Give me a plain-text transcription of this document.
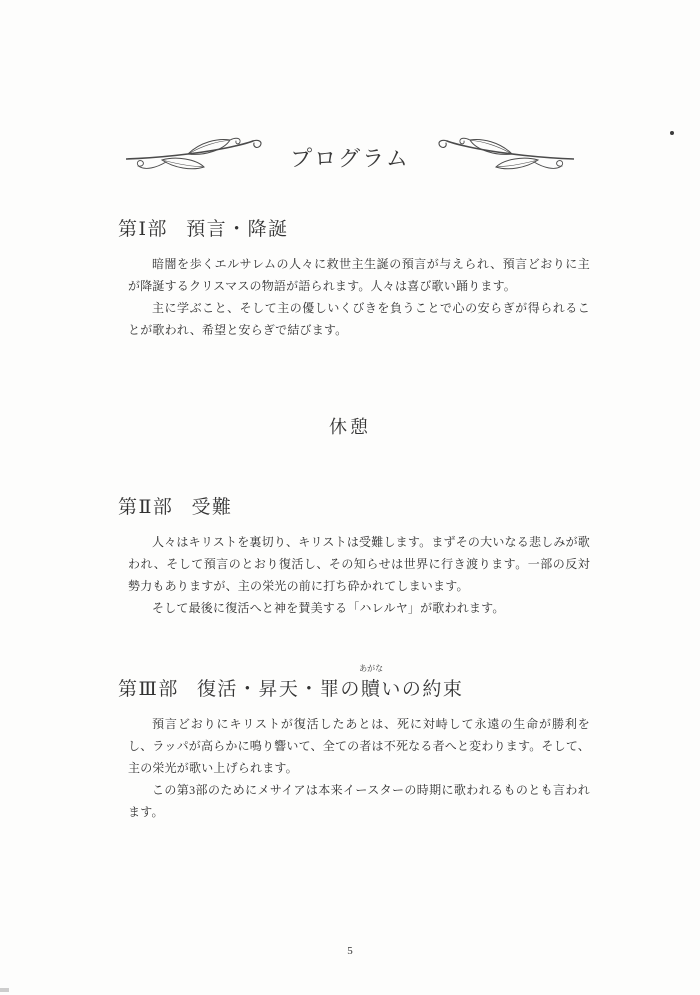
プログラム
第Ⅰ部 預言・降誕

暗闇を歩くエルサレムの人々に救世主生誕の預言が与えられ、預言どおりに主が降誕するクリスマスの物語が語られます。人々は喜び歌い踊ります。

主に学ぶこと、そして主の優しいくびきを負うことで心の安らぎが得られることが歌われ、希望と安らぎで結びます。

休憩
第Ⅱ部 受難

人々はキリストを裏切り、キリストは受難します。まずその大いなる悲しみが歌われ、そして預言のとおり復活し、その知らせは世界に行き渡ります。一部の反対勢力もありますが、主の栄光の前に打ち砕かれてしまいます。

そして最後に復活へと神を賛美する「ハレルヤ」が歌われます。

第Ⅲ部 復活・昇天・罪の
あがな
贖いの約束

預言どおりにキリストが復活したあとは、死に対峙して永遠の生命が勝利をし、ラッパが高らかに鳴り響いて、全ての者は不死なる者へと変わります。そして、主の栄光が歌い上げられます。

この第3部のためにメサイアは本来イースターの時期に歌われるものとも言われます。

5
